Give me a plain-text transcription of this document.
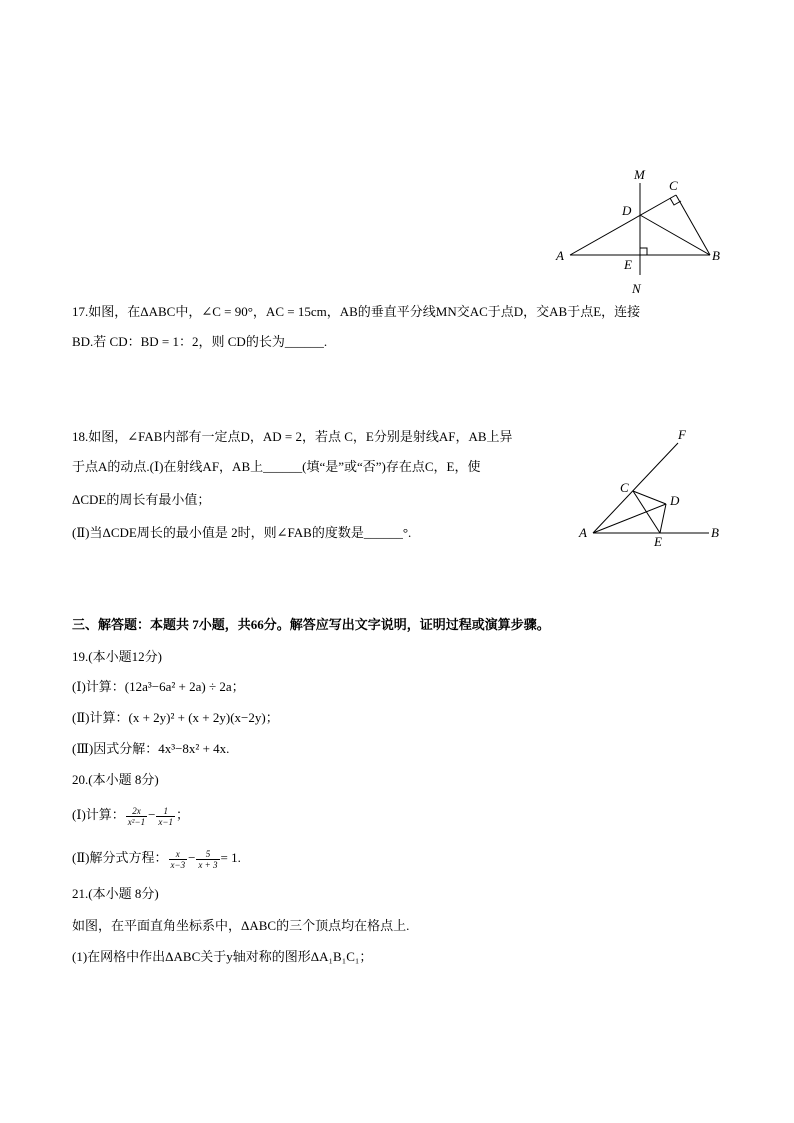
M
C
D
A	B
E
N
17.如图，在ΔABC中，∠C = 90°，AC = 15cm，AB的垂直平分线MN交AC于点D，交AB于点E，连接
BD.若 CD：BD = 1：2，则 CD的长为______.
F
C
D
A
E
B
18.如图，∠FAB内部有一定点D，AD = 2，若点 C，E分别是射线AF，AB上异
于点A的动点.(Ⅰ)在射线AF，AB上______(填“是”或“否”)存在点C，E，使
ΔCDE的周长有最小值；
(Ⅱ)当ΔCDE周长的最小值是 2时，则∠FAB的度数是______°.
三、解答题：本题共 7小题，共66分。解答应写出文字说明，证明过程或演算步骤。
19.(本小题12分)
(Ⅰ)计算：(12a³−6a² + 2a) ÷ 2a；
(Ⅱ)计算：(x + 2y)² + (x + 2y)(x−2y)；
(Ⅲ)因式分解：4x³−8x² + 4x.
20.(本小题 8分)
(Ⅰ)计算： $\frac{2x}{\text{x²−1}} - \frac{1}{x-1}$ ；
(Ⅱ)解分式方程： $\frac{x}{x-3} - \frac{5}{x + 3} = 1$.
21.(本小题 8分)
如图，在平面直角坐标系中，ΔABC的三个顶点均在格点上.
(1)在网格中作出ΔABC关于y轴对称的图形ΔA₁B₁C₁；
